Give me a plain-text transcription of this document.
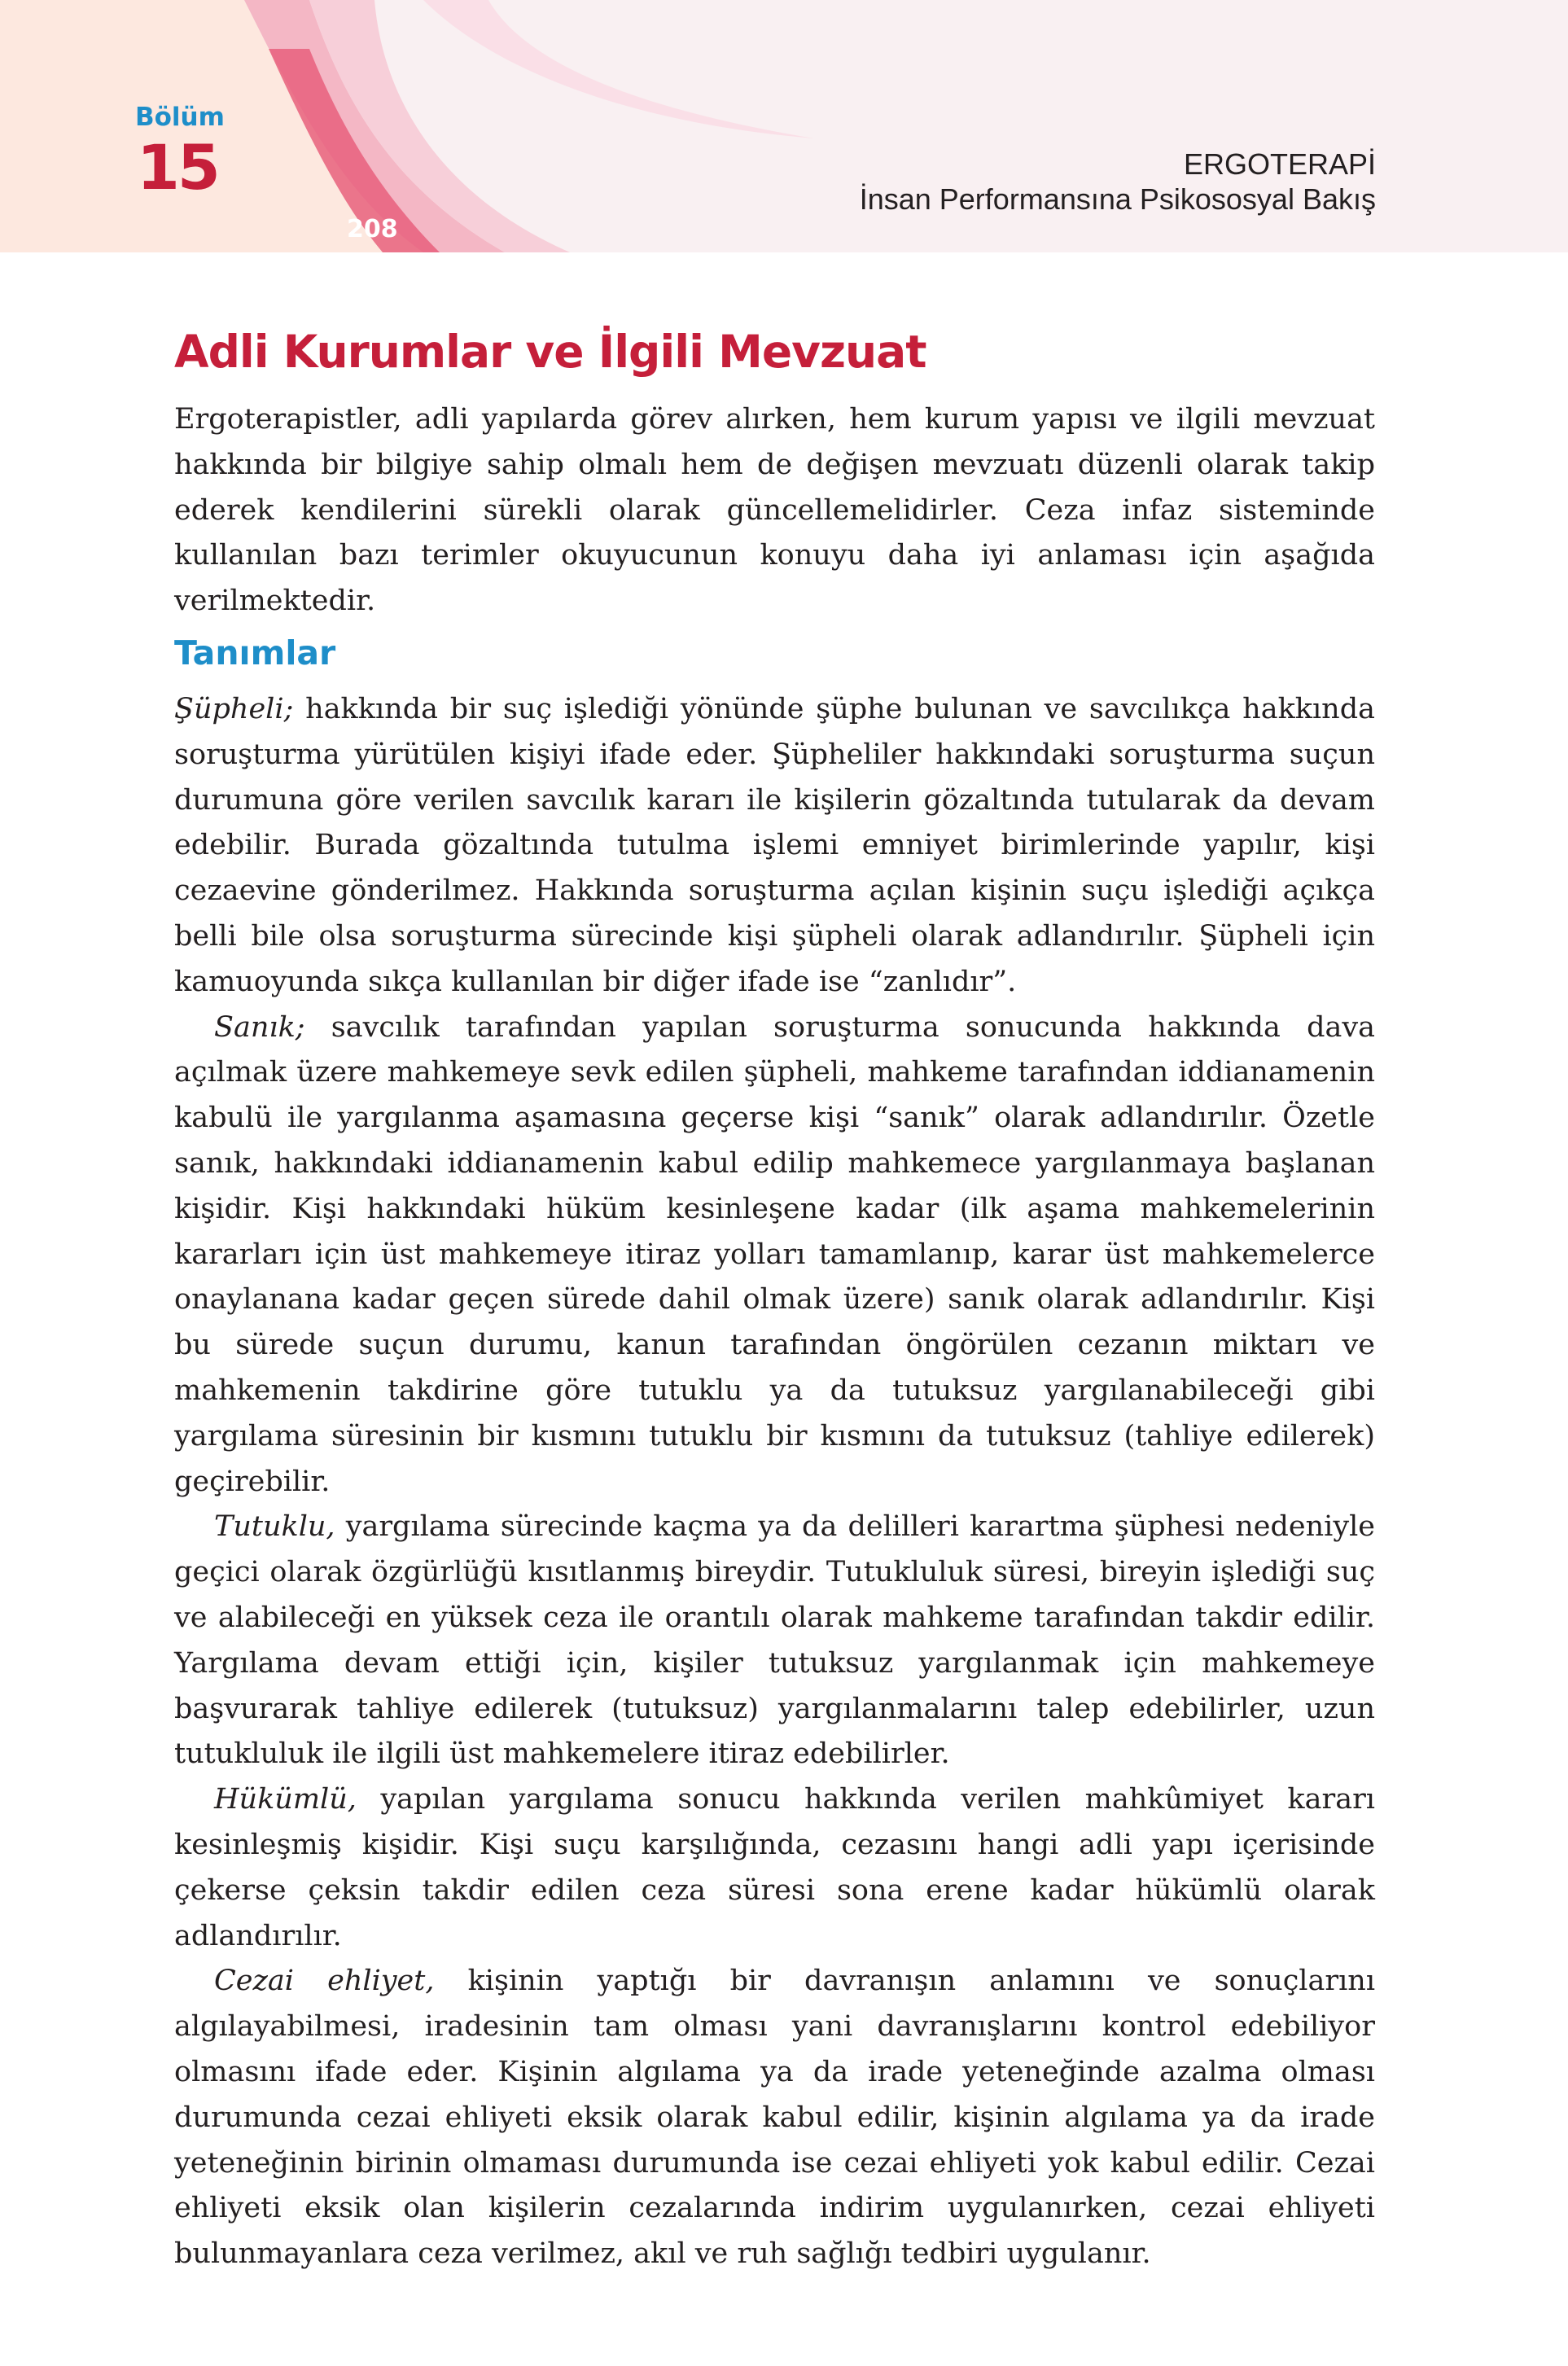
Bölüm
15
208
ERGOTERAPİ
İnsan Performansına Psikososyal Bakış
Adli Kurumlar ve İlgili Mevzuat

Ergoterapistler, adli yapılarda görev alırken, hem kurum yapısı ve ilgili mevzuat hakkında bir bilgiye sahip olmalı hem de değişen mevzuatı düzenli olarak takip ederek kendilerini sürekli olarak güncellemelidirler. Ceza infaz sisteminde kullanılan bazı terimler okuyucunun konuyu daha iyi anlaması için aşağıda verilmektedir.

Tanımlar

Şüpheli; hakkında bir suç işlediği yönünde şüphe bulunan ve savcılıkça hakkında soruşturma yürütülen kişiyi ifade eder. Şüpheliler hakkındaki soruşturma suçun durumuna göre verilen savcılık kararı ile kişilerin gözaltında tutularak da devam edebilir. Burada gözaltında tutulma işlemi emniyet birimlerinde yapılır, kişi cezaevine gönderilmez. Hakkında soruşturma açılan kişinin suçu işlediği açıkça belli bile olsa soruşturma sürecinde kişi şüpheli olarak adlandırılır. Şüpheli için kamuoyunda sıkça kullanılan bir diğer ifade ise “zanlıdır”.

Sanık; savcılık tarafından yapılan soruşturma sonucunda hakkında dava açılmak üzere mahkemeye sevk edilen şüpheli, mahkeme tarafından iddianamenin kabulü ile yargılanma aşamasına geçerse kişi “sanık” olarak adlandırılır. Özetle sanık, hakkındaki iddianamenin kabul edilip mahkemece yargılanmaya başlanan kişidir. Kişi hakkındaki hüküm kesinleşene kadar (ilk aşama mahkemelerinin kararları için üst mahkemeye itiraz yolları tamamlanıp, karar üst mahkemelerce onaylanana kadar geçen sürede dahil olmak üzere) sanık olarak adlandırılır. Kişi bu sürede suçun durumu, kanun tarafından öngörülen cezanın miktarı ve mahkemenin takdirine göre tutuklu ya da tutuksuz yargılanabileceği gibi yargılama süresinin bir kısmını tutuklu bir kısmını da tutuksuz (tahliye edilerek) geçirebilir.

Tutuklu, yargılama sürecinde kaçma ya da delilleri karartma şüphesi nedeniyle geçici olarak özgürlüğü kısıtlanmış bireydir. Tutukluluk süresi, bireyin işlediği suç ve alabileceği en yüksek ceza ile orantılı olarak mahkeme tarafından takdir edilir. Yargılama devam ettiği için, kişiler tutuksuz yargılanmak için mahkemeye başvurarak tahliye edilerek (tutuksuz) yargılanmalarını talep edebilirler, uzun tutukluluk ile ilgili üst mahkemelere itiraz edebilirler.

Hükümlü, yapılan yargılama sonucu hakkında verilen mahkûmiyet kararı kesinleşmiş kişidir. Kişi suçu karşılığında, cezasını hangi adli yapı içerisinde çekerse çeksin takdir edilen ceza süresi sona erene kadar hükümlü olarak adlandırılır.

Cezai ehliyet, kişinin yaptığı bir davranışın anlamını ve sonuçlarını algılayabilmesi, iradesinin tam olması yani davranışlarını kontrol edebiliyor olmasını ifade eder. Kişinin algılama ya da irade yeteneğinde azalma olması durumunda cezai ehliyeti eksik olarak kabul edilir, kişinin algılama ya da irade yeteneğinin birinin olmaması durumunda ise cezai ehliyeti yok kabul edilir. Cezai ehliyeti eksik olan kişilerin cezalarında indirim uygulanırken, cezai ehliyeti bulunmayanlara ceza verilmez, akıl ve ruh sağlığı tedbiri uygulanır.
